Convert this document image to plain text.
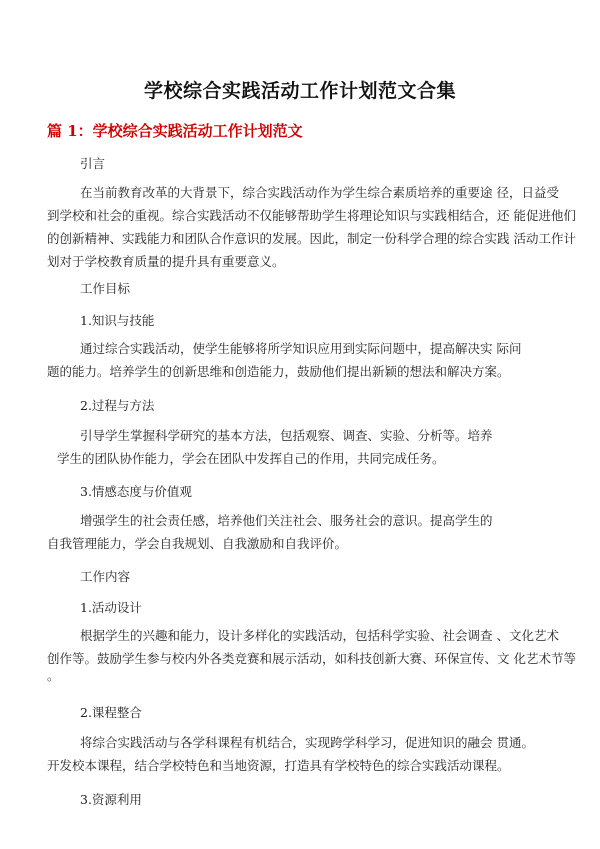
学校综合实践活动工作计划范文合集
篇 1：学校综合实践活动工作计划范文
引言
在当前教育改革的大背景下，综合实践活动作为学生综合素质培养的重要途 径，日益受
到学校和社会的重视。综合实践活动不仅能够帮助学生将理论知识与实践相结合，还 能促进他们
的创新精神、实践能力和团队合作意识的发展。因此，制定一份科学合理的综合实践 活动工作计
划对于学校教育质量的提升具有重要意义。
工作目标
1.知识与技能
通过综合实践活动，使学生能够将所学知识应用到实际问题中，提高解决实 际问
题的能力。培养学生的创新思维和创造能力，鼓励他们提出新颖的想法和解决方案。
2.过程与方法
引导学生掌握科学研究的基本方法，包括观察、调查、实验、分析等。培养
学生的团队协作能力，学会在团队中发挥自己的作用，共同完成任务。
3.情感态度与价值观
增强学生的社会责任感，培养他们关注社会、服务社会的意识。提高学生的
自我管理能力，学会自我规划、自我激励和自我评价。
工作内容
1.活动设计
根据学生的兴趣和能力，设计多样化的实践活动，包括科学实验、社会调查 、文化艺术
创作等。鼓励学生参与校内外各类竞赛和展示活动，如科技创新大赛、环保宣传、文 化艺术节等
。
2.课程整合
将综合实践活动与各学科课程有机结合，实现跨学科学习，促进知识的融会 贯通。
开发校本课程，结合学校特色和当地资源，打造具有学校特色的综合实践活动课程。
3.资源利用
